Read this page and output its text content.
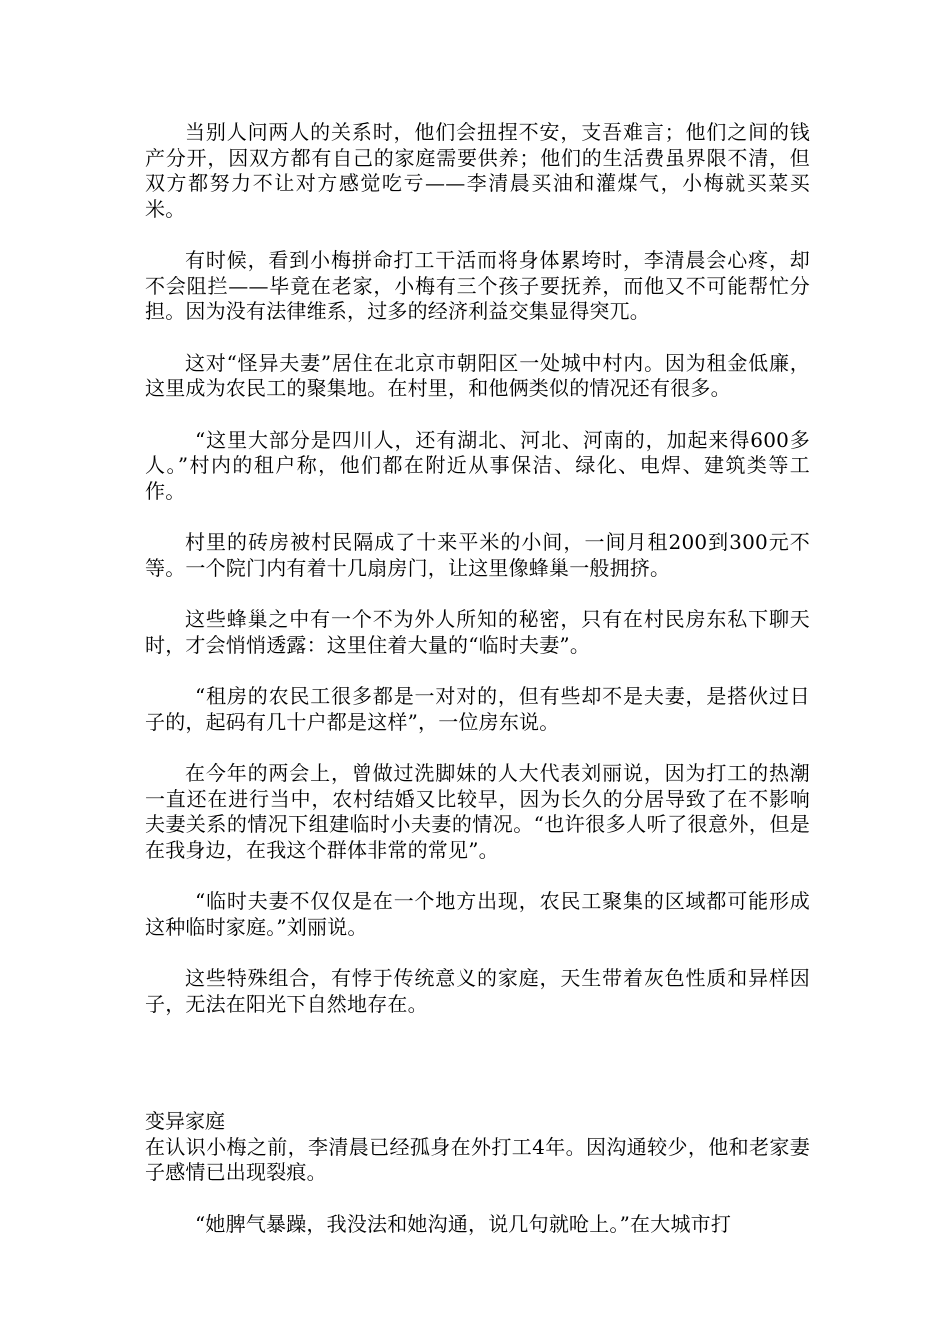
当别人问两人的关系时，他们会扭捏不安，支吾难言；他们之间的钱产分开，因双方都有自己的家庭需要供养；他们的生活费虽界限不清，但双方都努力不让对方感觉吃亏——李清晨买油和灌煤气，小梅就买菜买米。

有时候，看到小梅拼命打工干活而将身体累垮时，李清晨会心疼，却不会阻拦——毕竟在老家，小梅有三个孩子要抚养，而他又不可能帮忙分担。因为没有法律维系，过多的经济利益交集显得突兀。

这对“怪异夫妻”居住在北京市朝阳区一处城中村内。因为租金低廉，这里成为农民工的聚集地。在村里，和他俩类似的情况还有很多。

“这里大部分是四川人，还有湖北、河北、河南的，加起来得600多人。”村内的租户称，他们都在附近从事保洁、绿化、电焊、建筑类等工作。

村里的砖房被村民隔成了十来平米的小间，一间月租200到300元不等。一个院门内有着十几扇房门，让这里像蜂巢一般拥挤。

这些蜂巢之中有一个不为外人所知的秘密，只有在村民房东私下聊天时，才会悄悄透露：这里住着大量的“临时夫妻”。

“租房的农民工很多都是一对对的，但有些却不是夫妻，是搭伙过日子的，起码有几十户都是这样”，一位房东说。

在今年的两会上，曾做过洗脚妹的人大代表刘丽说，因为打工的热潮一直还在进行当中，农村结婚又比较早，因为长久的分居导致了在不影响夫妻关系的情况下组建临时小夫妻的情况。“也许很多人听了很意外，但是在我身边，在我这个群体非常的常见”。

“临时夫妻不仅仅是在一个地方出现，农民工聚集的区域都可能形成这种临时家庭。”刘丽说。

这些特殊组合，有悖于传统意义的家庭，天生带着灰色性质和异样因子，无法在阳光下自然地存在。

变异家庭

在认识小梅之前，李清晨已经孤身在外打工4年。因沟通较少，他和老家妻子感情已出现裂痕。

“她脾气暴躁，我没法和她沟通，说几句就呛上。”在大城市打
